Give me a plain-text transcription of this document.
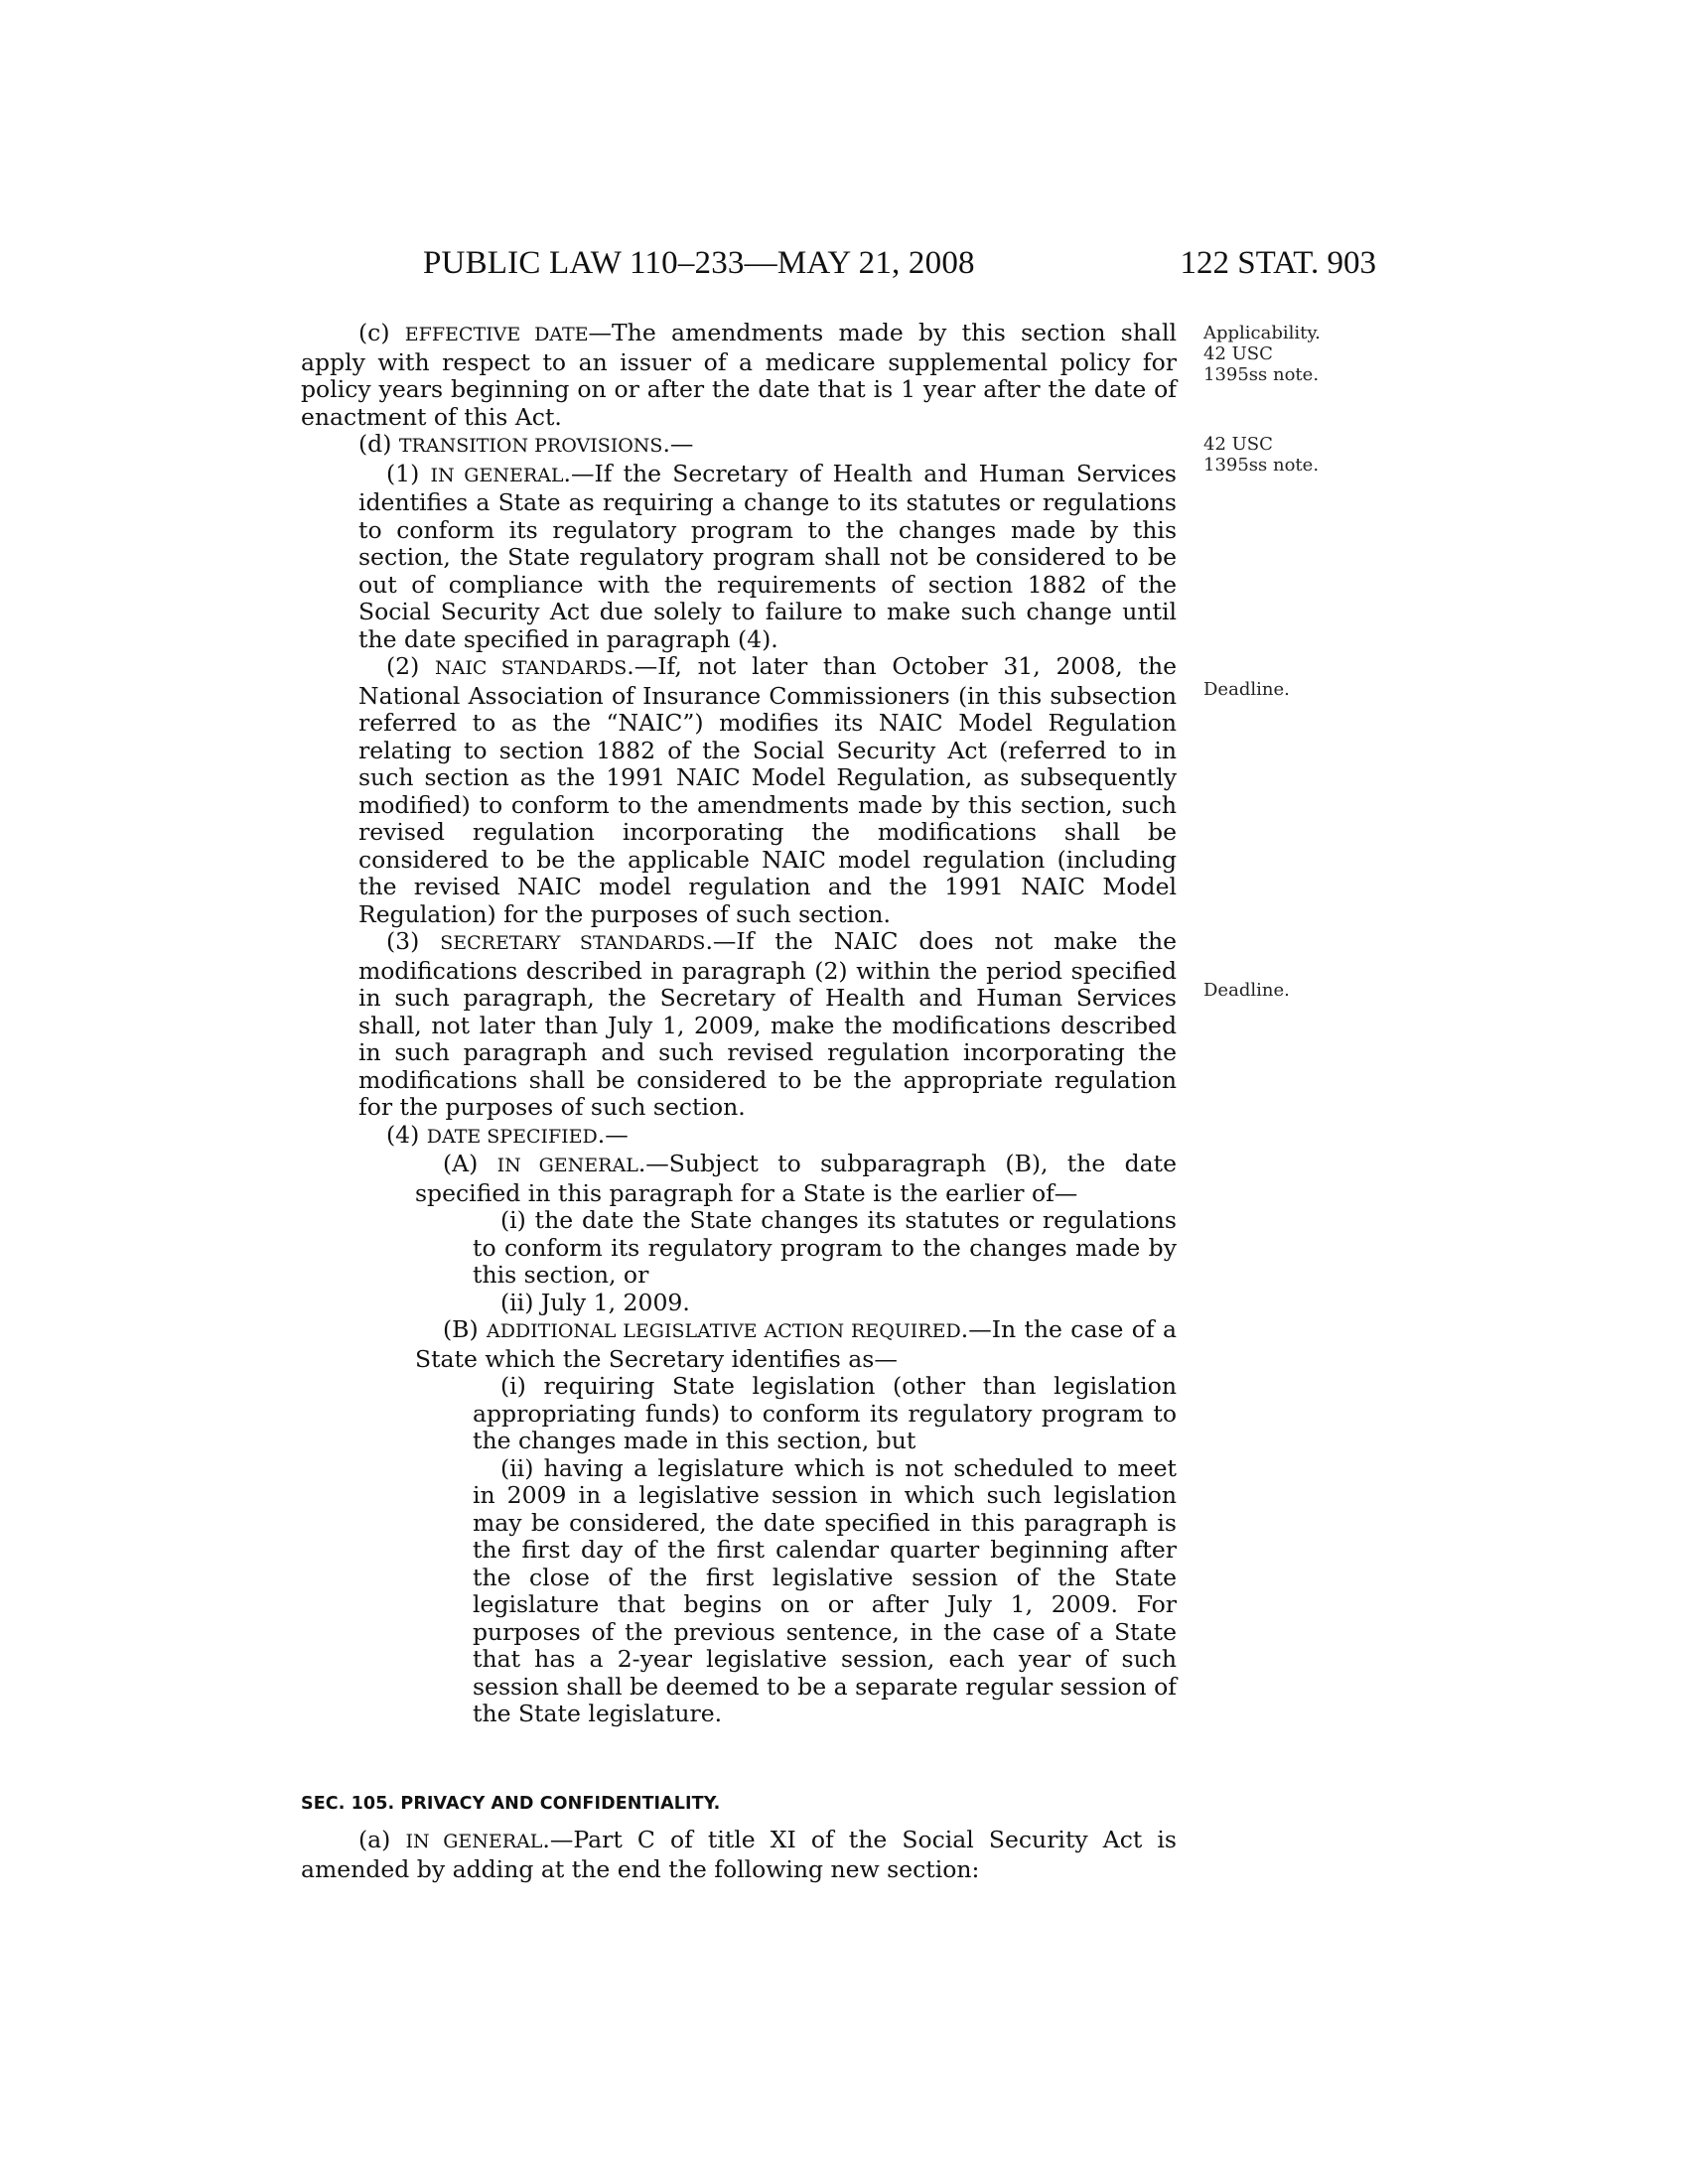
PUBLIC LAW 110–233—MAY 21, 2008	122 STAT. 903
Applicability.
42 USC
1395ss note.
42 USC
1395ss note.
Deadline.
Deadline.

(c) EFFECTIVE DATE—The amendments made by this section shall apply with respect to an issuer of a medicare supplemental policy for policy years beginning on or after the date that is 1 year after the date of enactment of this Act.

(d) TRANSITION PROVISIONS.—

(1) IN GENERAL.—If the Secretary of Health and Human Services identifies a State as requiring a change to its statutes or regulations to conform its regulatory program to the changes made by this section, the State regulatory program shall not be considered to be out of compliance with the requirements of section 1882 of the Social Security Act due solely to failure to make such change until the date specified in paragraph (4).

(2) NAIC STANDARDS.—If, not later than October 31, 2008, the National Association of Insurance Commissioners (in this subsection referred to as the “NAIC”) modifies its NAIC Model Regulation relating to section 1882 of the Social Security Act (referred to in such section as the 1991 NAIC Model Regulation, as subsequently modified) to conform to the amendments made by this section, such revised regulation incorporating the modifications shall be considered to be the applicable NAIC model regulation (including the revised NAIC model regulation and the 1991 NAIC Model Regulation) for the purposes of such section.

(3) SECRETARY STANDARDS.—If the NAIC does not make the modifications described in paragraph (2) within the period specified in such paragraph, the Secretary of Health and Human Services shall, not later than July 1, 2009, make the modifications described in such paragraph and such revised regulation incorporating the modifications shall be considered to be the appropriate regulation for the purposes of such section.

(4) DATE SPECIFIED.—

(A) IN GENERAL.—Subject to subparagraph (B), the date specified in this paragraph for a State is the earlier of—

(i) the date the State changes its statutes or regulations to conform its regulatory program to the changes made by this section, or

(ii) July 1, 2009.

(B) ADDITIONAL LEGISLATIVE ACTION REQUIRED.—In the case of a State which the Secretary identifies as—

(i) requiring State legislation (other than legislation appropriating funds) to conform its regulatory program to the changes made in this section, but

(ii) having a legislature which is not scheduled to meet in 2009 in a legislative session in which such legislation may be considered, the date specified in this paragraph is the first day of the first calendar quarter beginning after the close of the first legislative session of the State legislature that begins on or after July 1, 2009. For purposes of the previous sentence, in the case of a State that has a 2-year legislative session, each year of such session shall be deemed to be a separate regular session of the State legislature.

SEC. 105. PRIVACY AND CONFIDENTIALITY.

(a) IN GENERAL.—Part C of title XI of the Social Security Act is amended by adding at the end the following new section:
